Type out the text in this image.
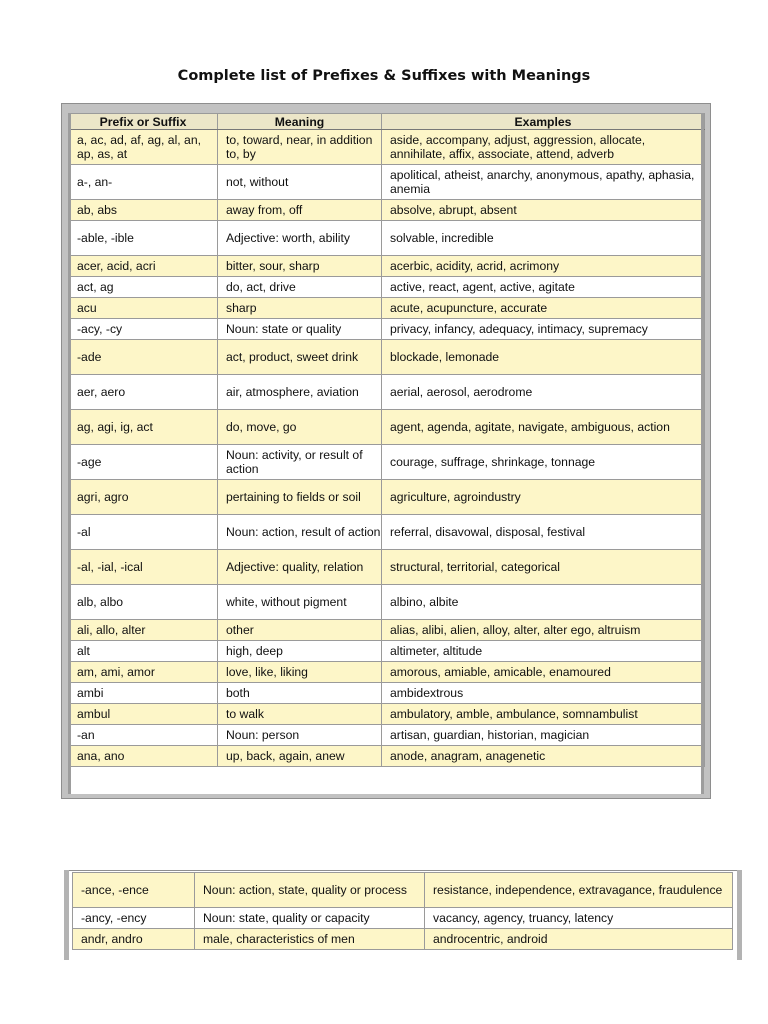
Complete list of Prefixes & Suffixes with Meanings
Prefix or Suffix	Meaning	Examples
a, ac, ad, af, ag, al, an, ap, as, at	to, toward, near, in addition to, by	aside, accompany, adjust, aggression, allocate, annihilate, affix, associate, attend, adverb
a-, an-	not, without	apolitical, atheist, anarchy, anonymous, apathy, aphasia, anemia
ab, abs	away from, off	absolve, abrupt, absent
-able, -ible	Adjective: worth, ability	solvable, incredible
acer, acid, acri	bitter, sour, sharp	acerbic, acidity, acrid, acrimony
act, ag	do, act, drive	active, react, agent, active, agitate
acu	sharp	acute, acupuncture, accurate
-acy, -cy	Noun: state or quality	privacy, infancy, adequacy, intimacy, supremacy
-ade	act, product, sweet drink	blockade, lemonade
aer, aero	air, atmosphere, aviation	aerial, aerosol, aerodrome
ag, agi, ig, act	do, move, go	agent, agenda, agitate, navigate, ambiguous, action
-age	Noun: activity, or result of action	courage, suffrage, shrinkage, tonnage
agri, agro	pertaining to fields or soil	agriculture, agroindustry
-al	Noun: action, result of action	referral, disavowal, disposal, festival
-al, -ial, -ical	Adjective: quality, relation	structural, territorial, categorical
alb, albo	white, without pigment	albino, albite
ali, allo, alter	other	alias, alibi, alien, alloy, alter, alter ego, altruism
alt	high, deep	altimeter, altitude
am, ami, amor	love, like, liking	amorous, amiable, amicable, enamoured
ambi	both	ambidextrous
ambul	to walk	ambulatory, amble, ambulance, somnambulist
-an	Noun: person	artisan, guardian, historian, magician
ana, ano	up, back, again, anew	anode, anagram, anagenetic
-ance, -ence	Noun: action, state, quality or process	resistance, independence, extravagance, fraudulence
-ancy, -ency	Noun: state, quality or capacity	vacancy, agency, truancy, latency
andr, andro	male, characteristics of men	androcentric, android
